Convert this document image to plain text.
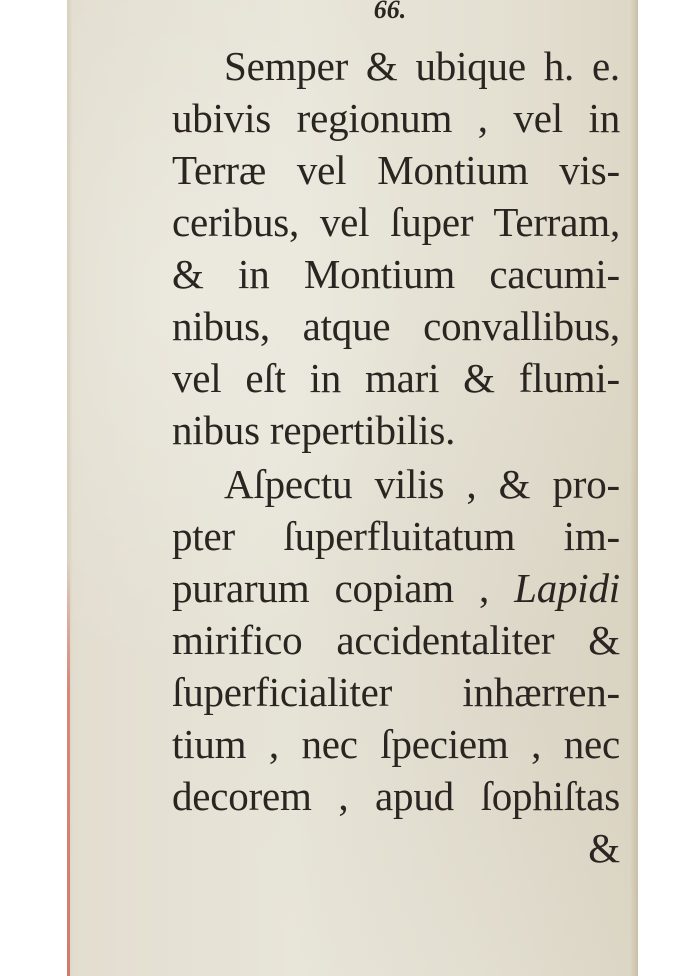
66.
Semper & ubique h. e.
ubivis regionum , vel in
Terræ vel Montium vis-
ceribus, vel ſuper Terram,
& in Montium cacumi-
nibus, atque convallibus,
vel eſt in mari & flumi-
nibus repertibilis.
Aſpectu vilis , & pro-
pter ſuperfluitatum im-
purarum copiam , Lapidi
mirifico accidentaliter &
ſuperficialiter inhærren-
tium , nec ſpeciem , nec
decorem , apud ſophiſtas
&
